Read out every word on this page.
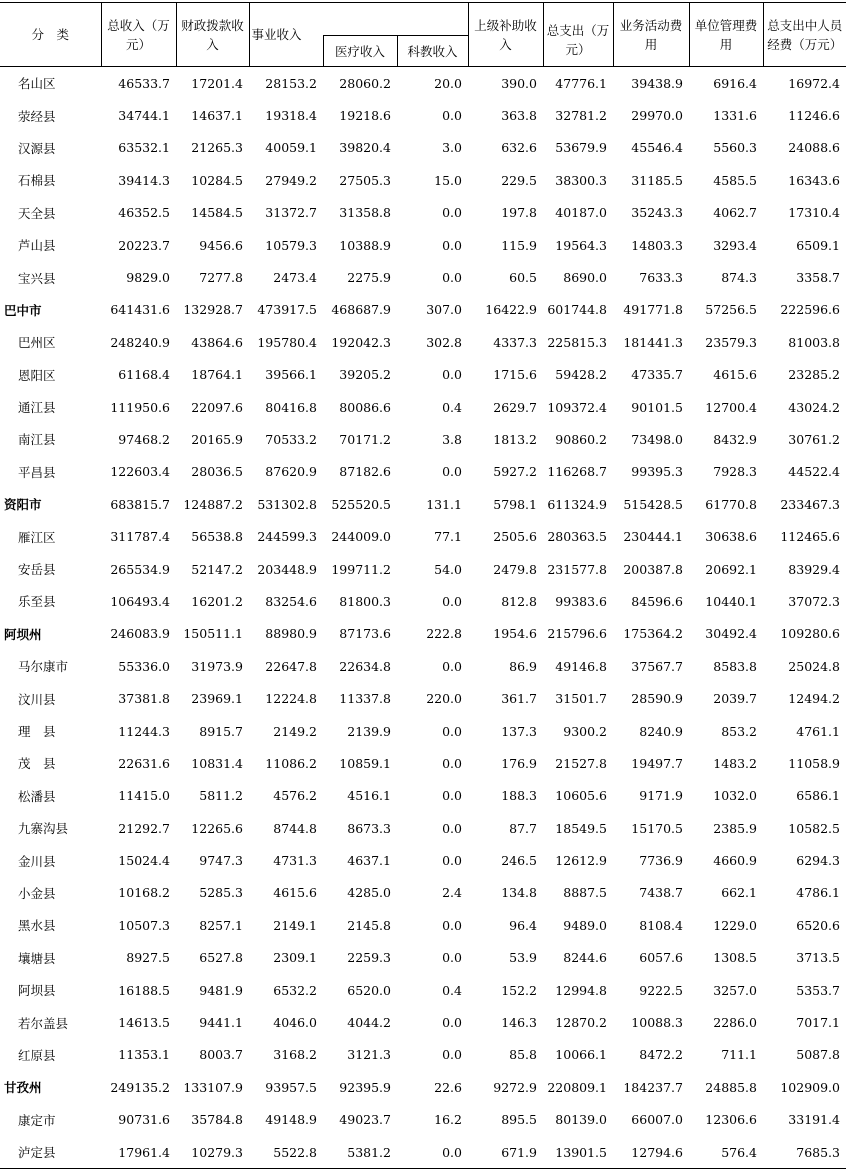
分　类	总收入（万元）	财政拨款收入	事业收入			上级补助收入	总支出（万元）	业务活动费用	单位管理费用	总支出中人员经费（万元）
				医疗收入	科教收入					
名山区	46533.7	17201.4	28153.2	28060.2	20.0	390.0	47776.1	39438.9	6916.4	16972.4
荥经县	34744.1	14637.1	19318.4	19218.6	0.0	363.8	32781.2	29970.0	1331.6	11246.6
汉源县	63532.1	21265.3	40059.1	39820.4	3.0	632.6	53679.9	45546.4	5560.3	24088.6
石棉县	39414.3	10284.5	27949.2	27505.3	15.0	229.5	38300.3	31185.5	4585.5	16343.6
天全县	46352.5	14584.5	31372.7	31358.8	0.0	197.8	40187.0	35243.3	4062.7	17310.4
芦山县	20223.7	9456.6	10579.3	10388.9	0.0	115.9	19564.3	14803.3	3293.4	6509.1
宝兴县	9829.0	7277.8	2473.4	2275.9	0.0	60.5	8690.0	7633.3	874.3	3358.7
巴中市	641431.6	132928.7	473917.5	468687.9	307.0	16422.9	601744.8	491771.8	57256.5	222596.6
巴州区	248240.9	43864.6	195780.4	192042.3	302.8	4337.3	225815.3	181441.3	23579.3	81003.8
恩阳区	61168.4	18764.1	39566.1	39205.2	0.0	1715.6	59428.2	47335.7	4615.6	23285.2
通江县	111950.6	22097.6	80416.8	80086.6	0.4	2629.7	109372.4	90101.5	12700.4	43024.2
南江县	97468.2	20165.9	70533.2	70171.2	3.8	1813.2	90860.2	73498.0	8432.9	30761.2
平昌县	122603.4	28036.5	87620.9	87182.6	0.0	5927.2	116268.7	99395.3	7928.3	44522.4
资阳市	683815.7	124887.2	531302.8	525520.5	131.1	5798.1	611324.9	515428.5	61770.8	233467.3
雁江区	311787.4	56538.8	244599.3	244009.0	77.1	2505.6	280363.5	230444.1	30638.6	112465.6
安岳县	265534.9	52147.2	203448.9	199711.2	54.0	2479.8	231577.8	200387.8	20692.1	83929.4
乐至县	106493.4	16201.2	83254.6	81800.3	0.0	812.8	99383.6	84596.6	10440.1	37072.3
阿坝州	246083.9	150511.1	88980.9	87173.6	222.8	1954.6	215796.6	175364.2	30492.4	109280.6
马尔康市	55336.0	31973.9	22647.8	22634.8	0.0	86.9	49146.8	37567.7	8583.8	25024.8
汶川县	37381.8	23969.1	12224.8	11337.8	220.0	361.7	31501.7	28590.9	2039.7	12494.2
理　县	11244.3	8915.7	2149.2	2139.9	0.0	137.3	9300.2	8240.9	853.2	4761.1
茂　县	22631.6	10831.4	11086.2	10859.1	0.0	176.9	21527.8	19497.7	1483.2	11058.9
松潘县	11415.0	5811.2	4576.2	4516.1	0.0	188.3	10605.6	9171.9	1032.0	6586.1
九寨沟县	21292.7	12265.6	8744.8	8673.3	0.0	87.7	18549.5	15170.5	2385.9	10582.5
金川县	15024.4	9747.3	4731.3	4637.1	0.0	246.5	12612.9	7736.9	4660.9	6294.3
小金县	10168.2	5285.3	4615.6	4285.0	2.4	134.8	8887.5	7438.7	662.1	4786.1
黑水县	10507.3	8257.1	2149.1	2145.8	0.0	96.4	9489.0	8108.4	1229.0	6520.6
壤塘县	8927.5	6527.8	2309.1	2259.3	0.0	53.9	8244.6	6057.6	1308.5	3713.5
阿坝县	16188.5	9481.9	6532.2	6520.0	0.4	152.2	12994.8	9222.5	3257.0	5353.7
若尔盖县	14613.5	9441.1	4046.0	4044.2	0.0	146.3	12870.2	10088.3	2286.0	7017.1
红原县	11353.1	8003.7	3168.2	3121.3	0.0	85.8	10066.1	8472.2	711.1	5087.8
甘孜州	249135.2	133107.9	93957.5	92395.9	22.6	9272.9	220809.1	184237.7	24885.8	102909.0
康定市	90731.6	35784.8	49148.9	49023.7	16.2	895.5	80139.0	66007.0	12306.6	33191.4
泸定县	17961.4	10279.3	5522.8	5381.2	0.0	671.9	13901.5	12794.6	576.4	7685.3
